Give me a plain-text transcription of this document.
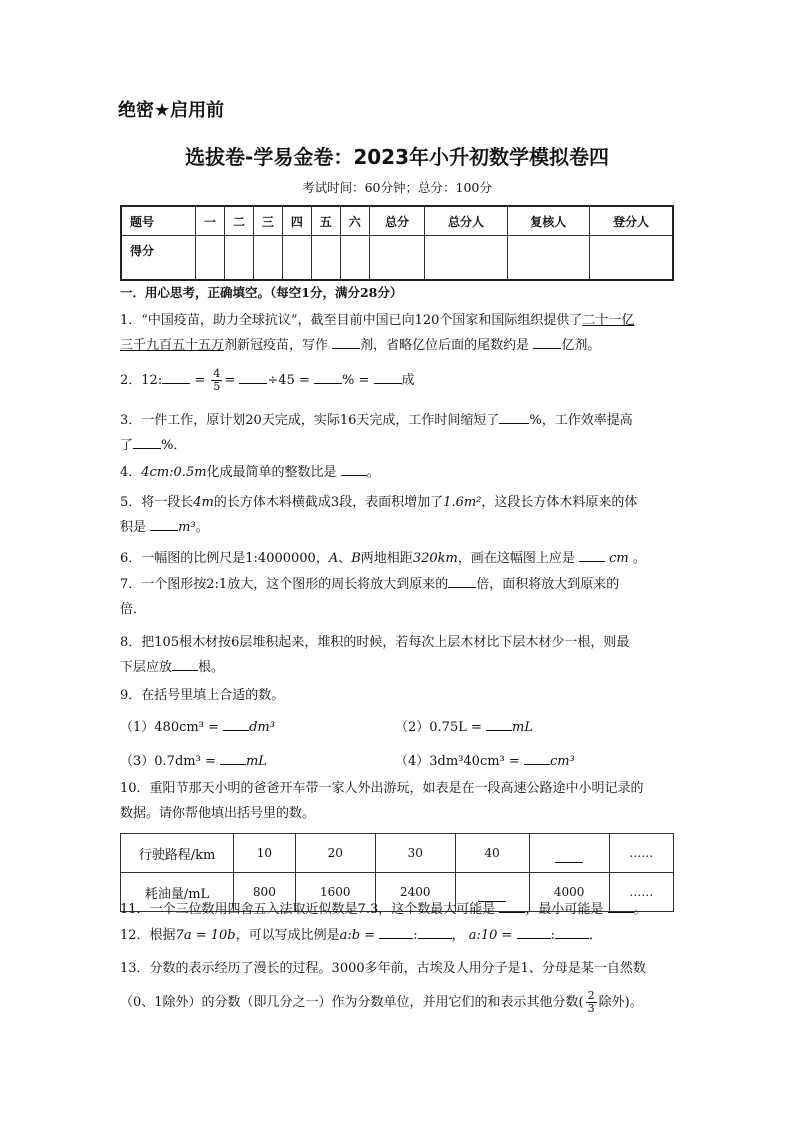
绝密★启用前
选拔卷-学易金卷：2023年小升初数学模拟卷四
考试时间：60分钟；总分：100分
题号	一	二	三	四	五	六	总分	总分人	复核人	登分人
得分										
一．用心思考，正确填空。（每空1分，满分28分）
1．“中国疫苗，助力全球抗议”，截至目前中国已向120个国家和国际组织提供了二十一亿
三千九百五十五万剂新冠疫苗，写作 剂，省略亿位后面的尾数约是 亿剂。
2．12: = $\frac{4}{5} = \div 45$ = % = 成
3．一件工作，原计划20天完成，实际16天完成，工作时间缩短了 %，工作效率提高
了 %．
4．4cm:0.5m化成最简单的整数比是 。
5．将一段长4m的长方体木料横截成3段，表面积增加了1.6m²，这段长方体木料原来的体
积是 m³。
6．一幅图的比例尺是1:4000000，A、B两地相距320km，画在这幅图上应是	cm 。
7．一个图形按2:1放大，这个图形的周长将放大到原来的 倍，面积将放大到原来的
倍．
8．把105根木材按6层堆积起来，堆积的时候，若每次上层木材比下层木材少一根，则最
下层应放 根。
9．在括号里填上合适的数。
（1）480cm³ = dm³	（2）0.75L = mL
（3）0.7dm³ = mL	（4）3dm³40cm³ = cm³
10．重阳节那天小明的爸爸开车带一家人外出游玩，如表是在一段高速公路途中小明记录的
数据。请你帮他填出括号里的数。
行驶路程/km	10	20	30	40		……
耗油量/mL	800	1600	2400		4000	……
11．一个三位数用四舍五入法取近似数是7.3，这个数最大可能是 ，最小可能是 。
12．根据7a = 10b，可以写成比例是a:b =	:	， a:10 =	:	．
13．分数的表示经历了漫长的过程。3000多年前，古埃及人用分子是1、分母是某一自然数
（0、1除外）的分数（即几分之一）作为分数单位，并用它们的和表示其他分数( $\frac{2}{3}$ 除外)。
